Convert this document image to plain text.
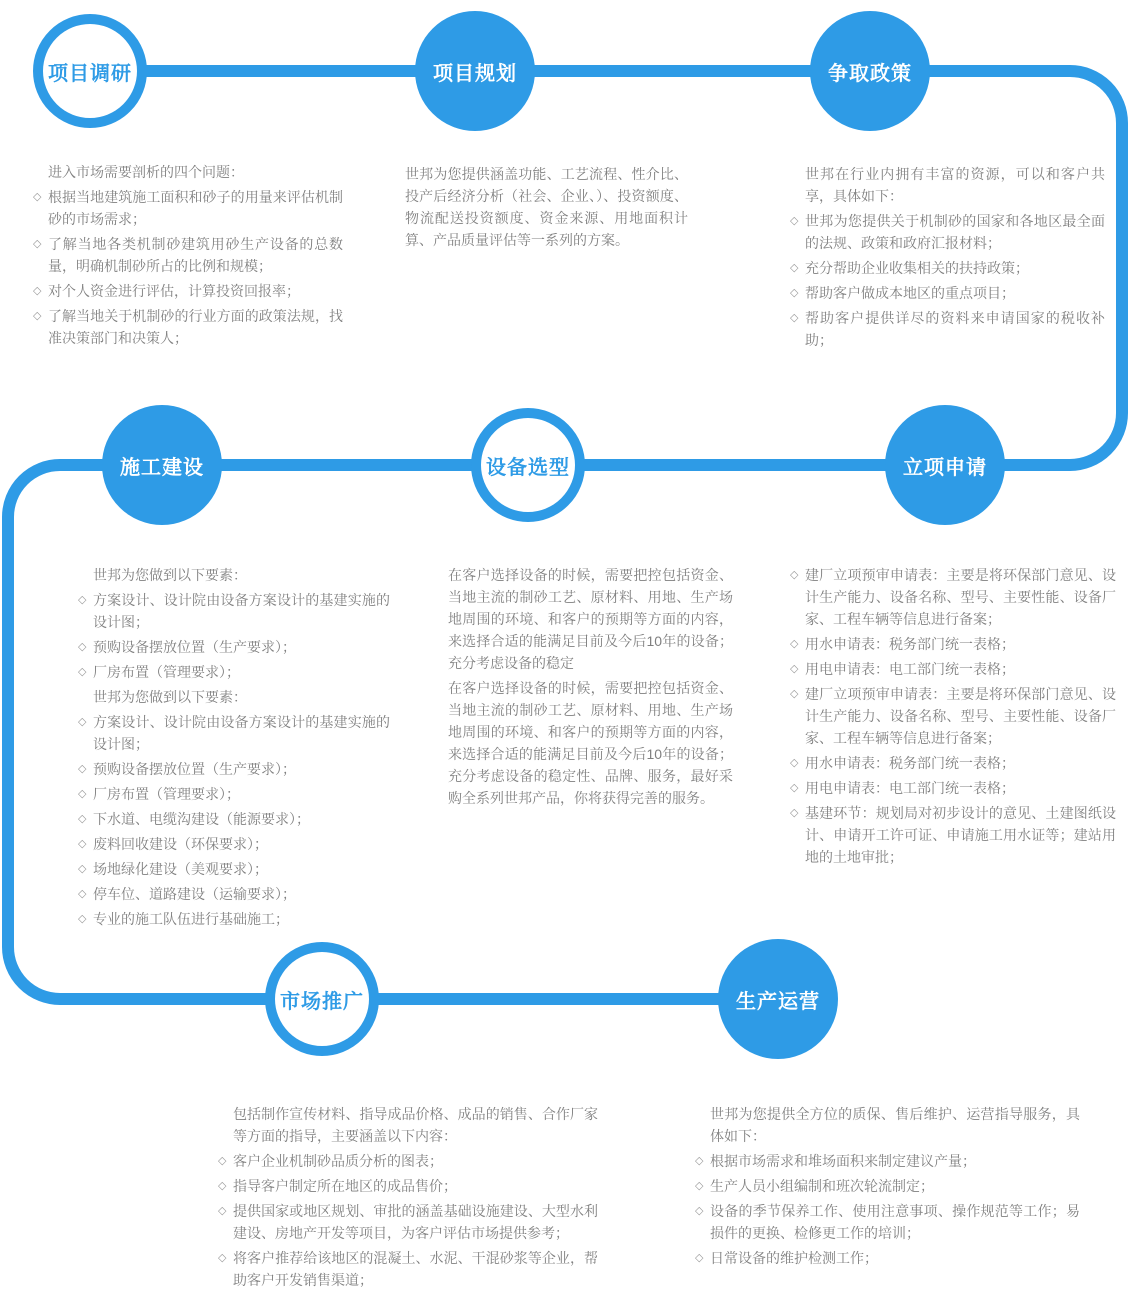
项目调研	项目规划	争取政策
施工建设	设备选型	立项申请
市场推广	生产运营
进入市场需要剖析的四个问题：
◇ 根据当地建筑施工面积和砂子的用量来评估机制砂的市场需求；
◇ 了解当地各类机制砂建筑用砂生产设备的总数量，明确机制砂所占的比例和规模；
◇ 对个人资金进行评估，计算投资回报率；
◇ 了解当地关于机制砂的行业方面的政策法规，找准决策部门和决策人；
世邦为您提供涵盖功能、工艺流程、性介比、投产后经济分析（社会、企业、）、投资额度、物流配送投资额度、资金来源、用地面积计算、产品质量评估等一系列的方案。
世邦在行业内拥有丰富的资源，可以和客户共享，具体如下：
◇ 世邦为您提供关于机制砂的国家和各地区最全面的法规、政策和政府汇报材料；
◇ 充分帮助企业收集相关的扶持政策；
◇ 帮助客户做成本地区的重点项目；
◇ 帮助客户提供详尽的资料来申请国家的税收补助；
世邦为您做到以下要素：
◇ 方案设计、设计院由设备方案设计的基建实施的设计图；
◇ 预购设备摆放位置（生产要求）；
◇ 厂房布置（管理要求）；
世邦为您做到以下要素：
◇ 方案设计、设计院由设备方案设计的基建实施的设计图；
◇ 预购设备摆放位置（生产要求）；
◇ 厂房布置（管理要求）；
◇ 下水道、电缆沟建设（能源要求）；
◇ 废料回收建设（环保要求）；
◇ 场地绿化建设（美观要求）；
◇ 停车位、道路建设（运输要求）；
◇ 专业的施工队伍进行基础施工；
在客户选择设备的时候，需要把控包括资金、当地主流的制砂工艺、原材料、用地、生产场地周围的环境、和客户的预期等方面的内容，来选择合适的能满足目前及今后10年的设备；充分考虑设备的稳定
在客户选择设备的时候，需要把控包括资金、当地主流的制砂工艺、原材料、用地、生产场地周围的环境、和客户的预期等方面的内容，来选择合适的能满足目前及今后10年的设备；充分考虑设备的稳定性、品牌、服务，最好采购全系列世邦产品，你将获得完善的服务。
◇ 建厂立项预审申请表：主要是将环保部门意见、设计生产能力、设备名称、型号、主要性能、设备厂家、工程车辆等信息进行备案；
◇ 用水申请表：税务部门统一表格；
◇ 用电申请表：电工部门统一表格；
◇ 建厂立项预审申请表：主要是将环保部门意见、设计生产能力、设备名称、型号、主要性能、设备厂家、工程车辆等信息进行备案；
◇ 用水申请表：税务部门统一表格；
◇ 用电申请表：电工部门统一表格；
◇ 基建环节：规划局对初步设计的意见、土建图纸设计、申请开工许可证、申请施工用水证等；建站用地的土地审批；
包括制作宣传材料、指导成品价格、成品的销售、合作厂家等方面的指导，主要涵盖以下内容：
◇ 客户企业机制砂品质分析的图表；
◇ 指导客户制定所在地区的成品售价；
◇ 提供国家或地区规划、审批的涵盖基础设施建设、大型水利建设、房地产开发等项目，为客户评估市场提供参考；
◇ 将客户推荐给该地区的混凝土、水泥、干混砂浆等企业，帮助客户开发销售渠道；
世邦为您提供全方位的质保、售后维护、运营指导服务，具体如下：
◇ 根据市场需求和堆场面积来制定建议产量；
◇ 生产人员小组编制和班次轮流制定；
◇ 设备的季节保养工作、使用注意事项、操作规范等工作；易损件的更换、检修更工作的培训；
◇ 日常设备的维护检测工作；
